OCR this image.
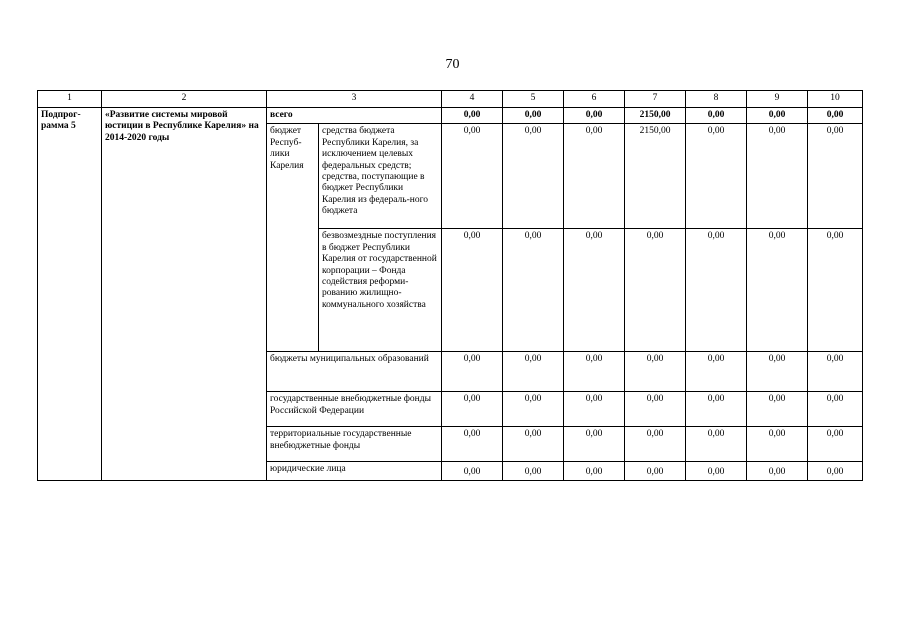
70
1	2	3		4	5	6	7	8	9	10
Подпрог-рамма 5	«Развитие системы мировой юстиции в Республике Карелия» на 2014-2020 годы	всего		0,00	0,00	0,00	2150,00	0,00	0,00	0,00
		бюджет Респуб-лики Карелия	средства бюджета Республики Карелия, за исключением целевых федеральных средств; средства, поступающие в бюджет Республики Карелия из федераль-ного бюджета	0,00	0,00	0,00	2150,00	0,00	0,00	0,00
			безвозмездные поступления в бюджет Республики Карелия от государственной корпорации – Фонда содействия реформи-рованию жилищно-коммунального хозяйства	0,00	0,00	0,00	0,00	0,00	0,00	0,00
		бюджеты муниципальных образований		0,00	0,00	0,00	0,00	0,00	0,00	0,00
		государственные внебюджетные фонды Российской Федерации		0,00	0,00	0,00	0,00	0,00	0,00	0,00
		территориальные государственные внебюджетные фонды		0,00	0,00	0,00	0,00	0,00	0,00	0,00
		юридические лица		0,00	0,00	0,00	0,00	0,00	0,00	0,00
